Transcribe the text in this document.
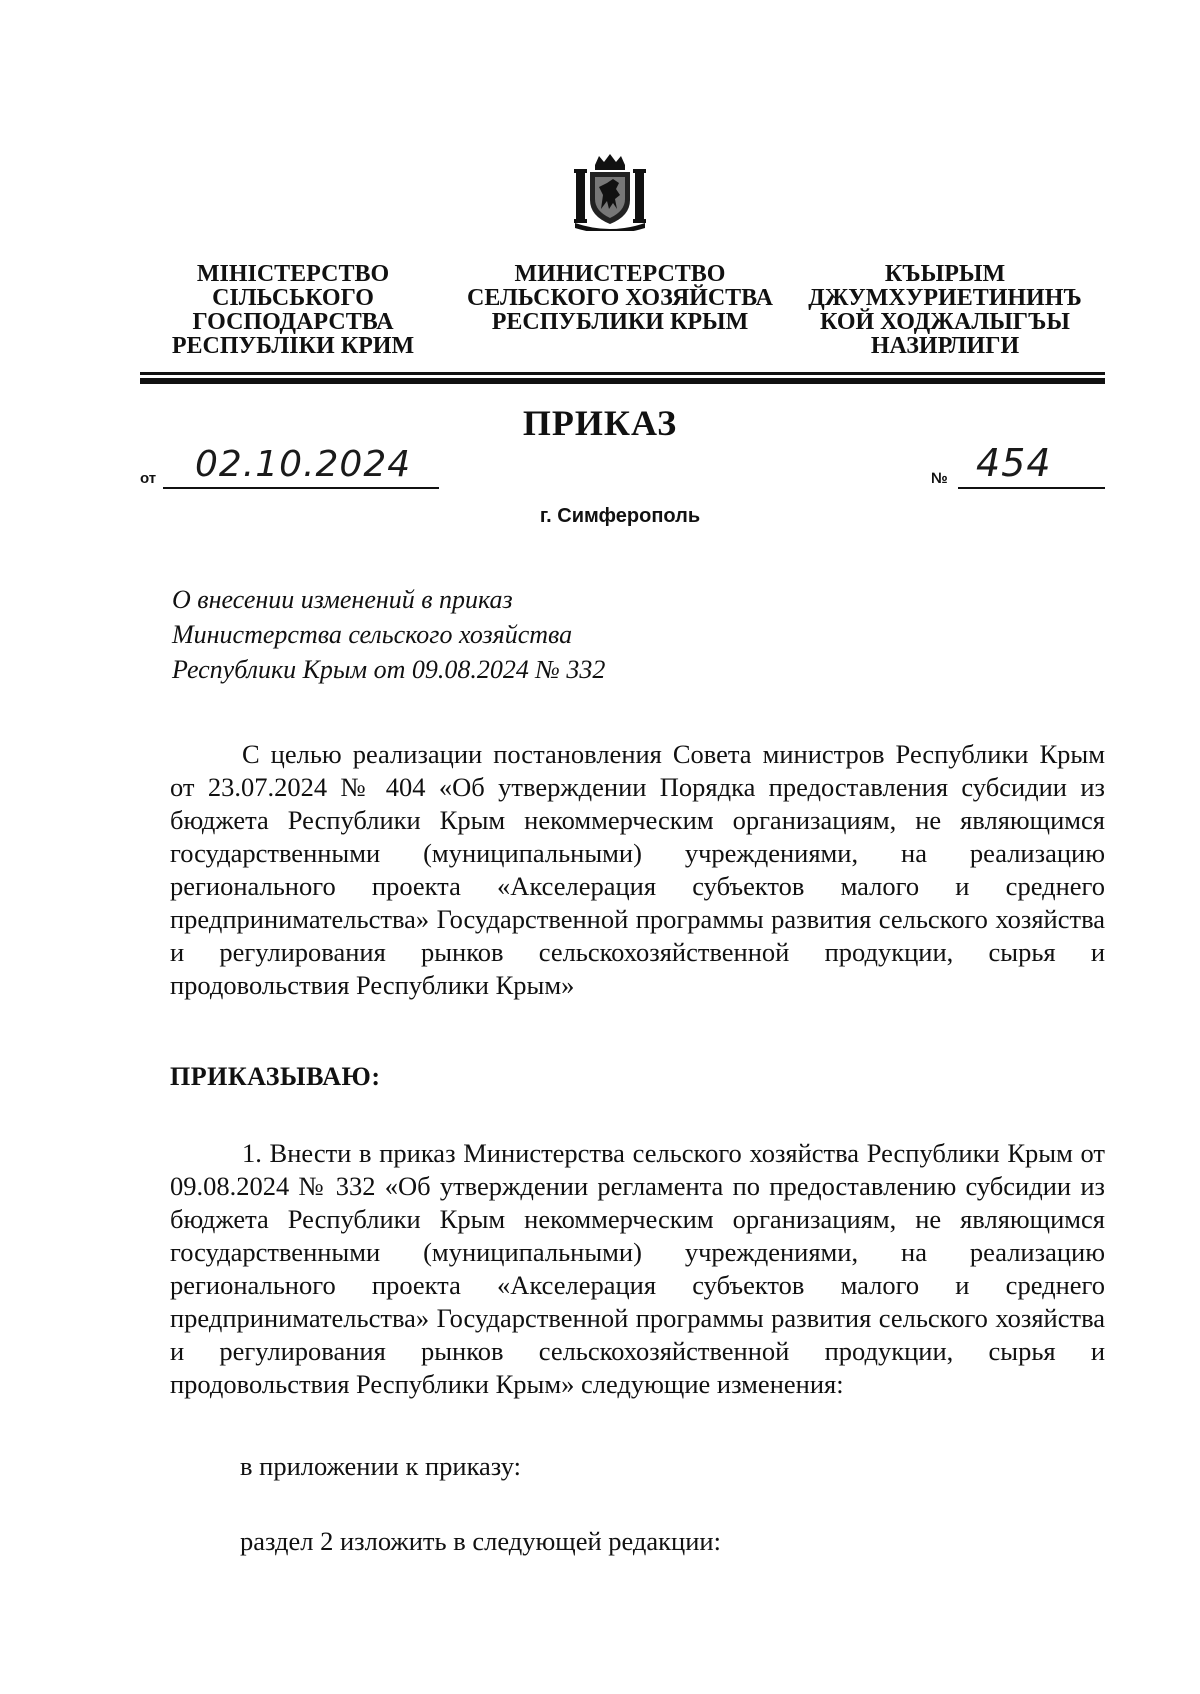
МІНІСТЕРСТВО СІЛЬСЬКОГО ГОСПОДАРСТВА РЕСПУБЛІКИ КРИМ
МИНИСТЕРСТВО СЕЛЬСКОГО ХОЗЯЙСТВА РЕСПУБЛИКИ КРЫМ
КЪЫРЫМ ДЖУМХУРИЕТИНИНЪ КОЙ ХОДЖАЛЫГЪЫ НАЗИРЛИГИ
ПРИКАЗ
от 02.10.2024	№ 454
г. Симферополь
О внесении изменений в приказ
Министерства сельского хозяйства
Республики Крым от 09.08.2024 № 332
С целью реализации постановления Совета министров Республики Крым от 23.07.2024 № 404 «Об утверждении Порядка предоставления субсидии из бюджета Республики Крым некоммерческим организациям, не являющимся государственными (муниципальными) учреждениями, на реализацию регионального проекта «Акселерация субъектов малого и среднего предпринимательства» Государственной программы развития сельского хозяйства и регулирования рынков сельскохозяйственной продукции, сырья и продовольствия Республики Крым»
ПРИКАЗЫВАЮ:
1. Внести в приказ Министерства сельского хозяйства Республики Крым от 09.08.2024 № 332 «Об утверждении регламента по предоставлению субсидии из бюджета Республики Крым некоммерческим организациям, не являющимся государственными (муниципальными) учреждениями, на реализацию регионального проекта «Акселерация субъектов малого и среднего предпринимательства» Государственной программы развития сельского хозяйства и регулирования рынков сельскохозяйственной продукции, сырья и продовольствия Республики Крым» следующие изменения:
в приложении к приказу:
раздел 2 изложить в следующей редакции:
